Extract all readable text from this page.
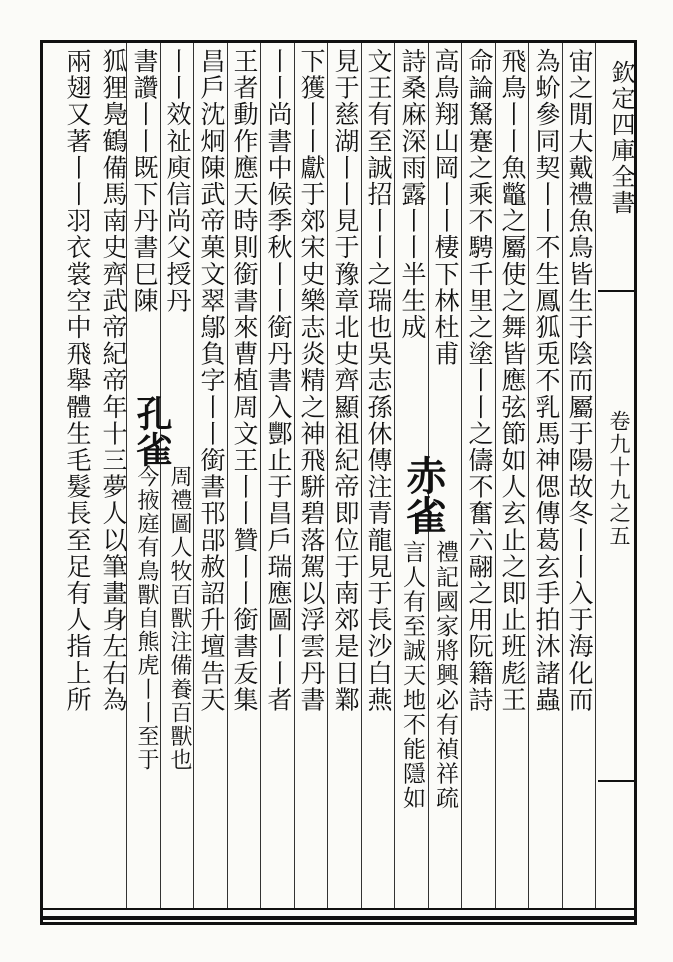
欽定四庫全書
卷九十九之五
宙之閒大戴禮魚鳥皆生于陰而屬于陽故冬丨丨入于海化而
為蚧參同契丨丨不生鳳狐兎不乳馬神偲傳葛玄手拍沐諸蟲
飛鳥丨丨魚鼈之屬使之舞皆應弦節如人玄止之即止班彪王
命論駑蹇之乘不騁千里之塗丨丨之儔不奮六翮之用阮籍詩
高鳥翔山岡丨丨棲下林杜甫
詩桑麻深雨露丨丨半生成
赤雀
禮記國家將興必有禎祥疏
言人有至誠天地不能隱如
文王有至誠招丨丨之瑞也吳志孫休傳注青龍見于長沙白燕
見于慈湖丨丨見于豫章北史齊顯祖紀帝即位于南郊是日鄴
下獲丨丨獻于郊宋史樂志炎精之神飛駢碧落駕以浮雲丹書
丨丨尚書中候季秋丨丨銜丹書入酆止于昌戶瑞應圖丨丨者
王者動作應天時則銜書來曹植周文王丨丨贊丨丨銜書叐集
昌戶沈炯陳武帝菓文翠鄔負字丨丨銜書邗郘赦詔升壇告天
丨丨效祉庾信尚父授丹
書讚丨丨既下丹書巳陳
孔雀
周禮圖人牧百獸注備養百獸也
今掖庭有鳥獸自熊虎丨丨至于
狐狸鳧鶴備馬南史齊武帝紀帝年十三夢人以筆畫身左右為
兩翅又著丨丨羽衣裳空中飛舉體生毛髮長至足有人指上所
